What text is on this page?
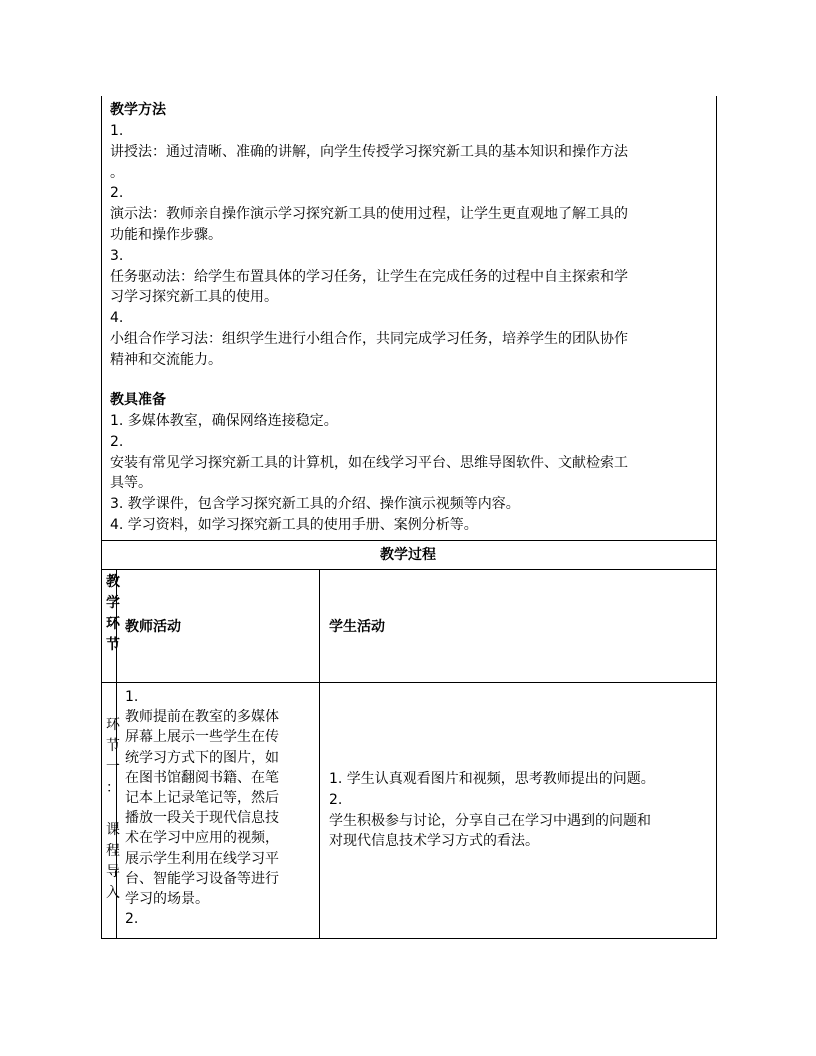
教学方法
1.
讲授法：通过清晰、准确的讲解，向学生传授学习探究新工具的基本知识和操作方法
。
2.
演示法：教师亲自操作演示学习探究新工具的使用过程，让学生更直观地了解工具的
功能和操作步骤。
3.
任务驱动法：给学生布置具体的学习任务，让学生在完成任务的过程中自主探索和学
习学习探究新工具的使用。
4.
小组合作学习法：组织学生进行小组合作，共同完成学习任务，培养学生的团队协作
精神和交流能力。
教具准备
1. 多媒体教室，确保网络连接稳定。
2.
安装有常见学习探究新工具的计算机，如在线学习平台、思维导图软件、文献检索工
具等。
3. 教学课件，包含学习探究新工具的介绍、操作演示视频等内容。
4. 学习资料，如学习探究新工具的使用手册、案例分析等。
教学过程
教
学
环
节
教师活动	学生活动
环
节
一
：
课
程
导
入
1.
教师提前在教室的多媒体
屏幕上展示一些学生在传
统学习方式下的图片，如
在图书馆翻阅书籍、在笔
记本上记录笔记等，然后
播放一段关于现代信息技
术在学习中应用的视频，
展示学生利用在线学习平
台、智能学习设备等进行
学习的场景。
2.
1. 学生认真观看图片和视频，思考教师提出的问题。
2.
学生积极参与讨论，分享自己在学习中遇到的问题和
对现代信息技术学习方式的看法。
